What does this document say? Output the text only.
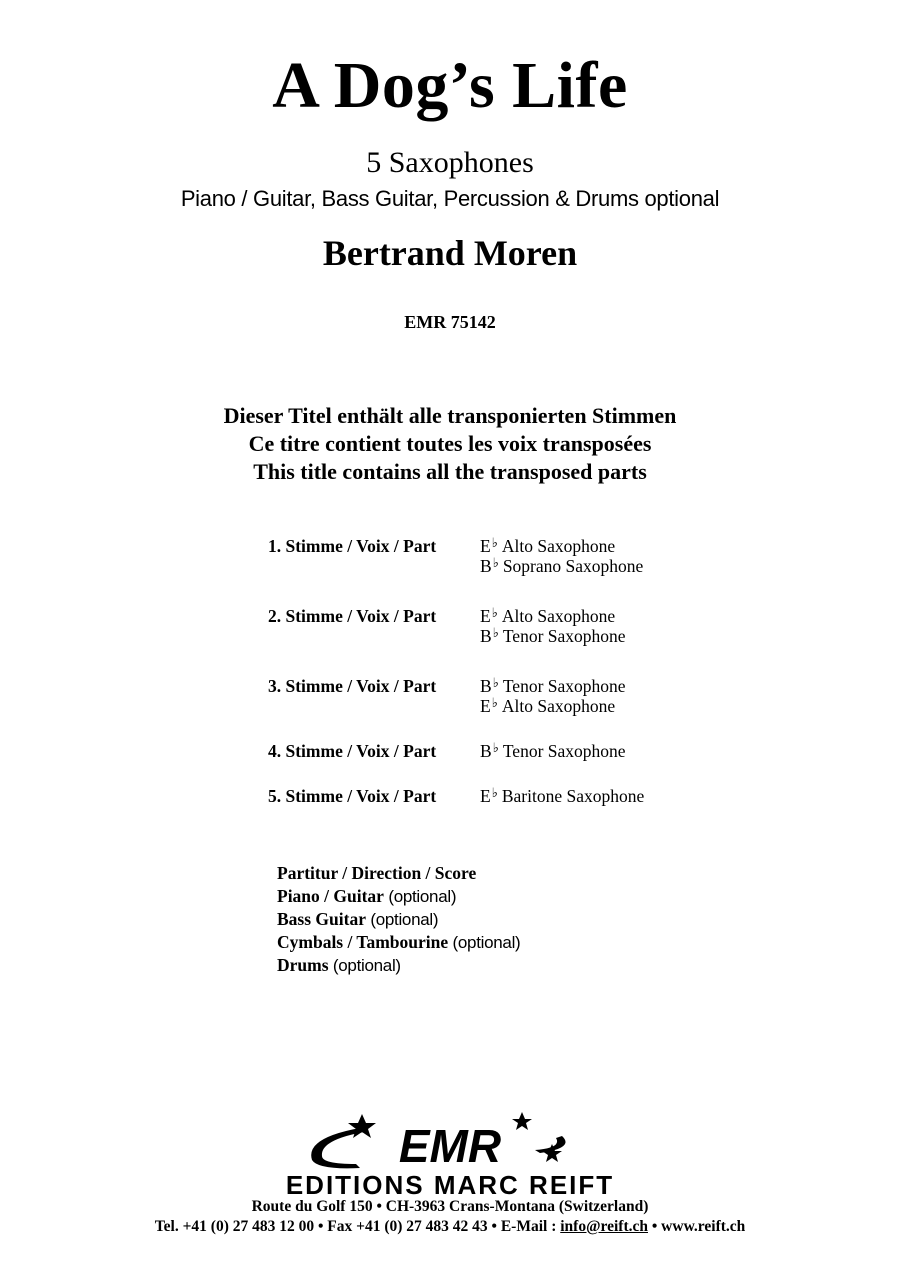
A Dog’s Life
5 Saxophones
Piano / Guitar, Bass Guitar, Percussion & Drums optional
Bertrand Moren
EMR 75142
Dieser Titel enthält alle transponierten Stimmen
Ce titre contient toutes les voix transposées
This title contains all the transposed parts
1. Stimme / Voix / Part	E♭ Alto Saxophone
B♭ Soprano Saxophone
2. Stimme / Voix / Part	E♭ Alto Saxophone
B♭ Tenor Saxophone
3. Stimme / Voix / Part	B♭ Tenor Saxophone
E♭ Alto Saxophone
4. Stimme / Voix / Part	B♭ Tenor Saxophone
5. Stimme / Voix / Part	E♭ Baritone Saxophone
Partitur / Direction / Score
Piano / Guitar (optional)
Bass Guitar (optional)
Cymbals / Tambourine (optional)
Drums (optional)
EMR
EDITIONS MARC REIFT
Route du Golf 150 • CH-3963 Crans-Montana (Switzerland)
Tel. +41 (0) 27 483 12 00 • Fax +41 (0) 27 483 42 43 • E-Mail : info@reift.ch • www.reift.ch
